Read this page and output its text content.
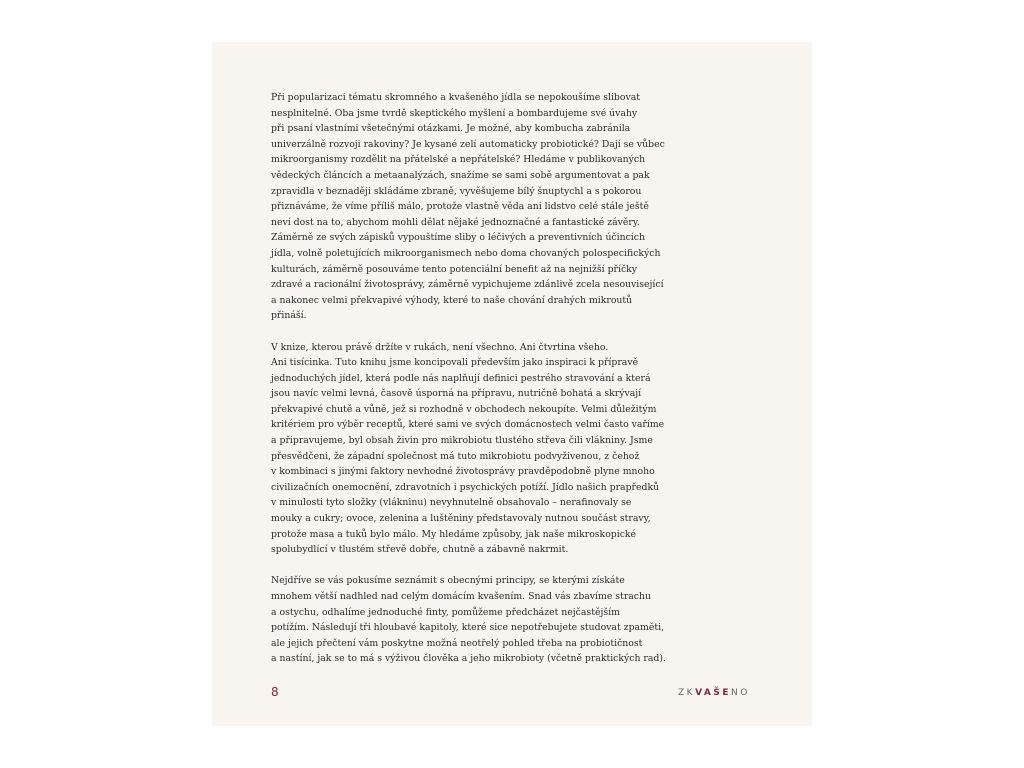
Při popularizaci tématu skromného a kvašeného jídla se nepokoušíme slibovat
nesplnitelné. Oba jsme tvrdě skeptického myšlení a bombardujeme své úvahy
při psaní vlastními všetečnými otázkami. Je možné, aby kombucha zabránila
univerzálně rozvoji rakoviny? Je kysané zelí automaticky probiotické? Dají se vůbec
mikroorganismy rozdělit na přátelské a nepřátelské? Hledáme v publikovaných
vědeckých článcích a metaanalýzách, snažíme se sami sobě argumentovat a pak
zpravidla v beznaději skládáme zbraně, vyvěšujeme bílý šnuptychl a s pokorou
přiznáváme, že víme příliš málo, protože vlastně věda ani lidstvo celé stále ještě
neví dost na to, abychom mohli dělat nějaké jednoznačné a fantastické závěry.
Záměrně ze svých zápisků vypouštíme sliby o léčivých a preventivních účincích
jídla, volně poletujících mikroorganismech nebo doma chovaných polospecifických
kulturách, záměrně posouváme tento potenciální benefit až na nejnižší příčky
zdravé a racionální životosprávy, záměrně vypichujeme zdánlivě zcela nesouvisející
a nakonec velmi překvapivé výhody, které to naše chování drahých mikroutů
přináší.

V knize, kterou právě držíte v rukách, není všechno. Ani čtvrtina všeho.
Ani tisícinka. Tuto knihu jsme koncipovali především jako inspiraci k přípravě
jednoduchých jídel, která podle nás naplňují definici pestrého stravování a která
jsou navíc velmi levná, časově úsporná na přípravu, nutričně bohatá a skrývají
překvapivé chutě a vůně, jež si rozhodně v obchodech nekoupíte. Velmi důležitým
kritériem pro výběr receptů, které sami ve svých domácnostech velmi často vaříme
a připravujeme, byl obsah živin pro mikrobiotu tlustého střeva čili vlákniny. Jsme
přesvědčeni, že západní společnost má tuto mikrobiotu podvyživenou, z čehož
v kombinaci s jinými faktory nevhodné životosprávy pravděpodobně plyne mnoho
civilizačních onemocnění, zdravotních i psychických potíží. Jídlo našich prapředků
v minulosti tyto složky (vlákninu) nevyhnutelně obsahovalo – nerafinovaly se
mouky a cukry; ovoce, zelenina a luštěniny představovaly nutnou součást stravy,
protože masa a tuků bylo málo. My hledáme způsoby, jak naše mikroskopické
spolubydlící v tlustém střevě dobře, chutně a zábavně nakrmit.

Nejdříve se vás pokusíme seznámit s obecnými principy, se kterými získáte
mnohem větší nadhled nad celým domácím kvašením. Snad vás zbavíme strachu
a ostychu, odhalíme jednoduché finty, pomůžeme předcházet nejčastějším
potížím. Následují tři hloubavé kapitoly, které sice nepotřebujete studovat zpaměti,
ale jejich přečtení vám poskytne možná neotřelý pohled třeba na probiotičnost
a nastíní, jak se to má s výživou člověka a jeho mikrobioty (včetně praktických rad).

8	ZKVAŠENO
